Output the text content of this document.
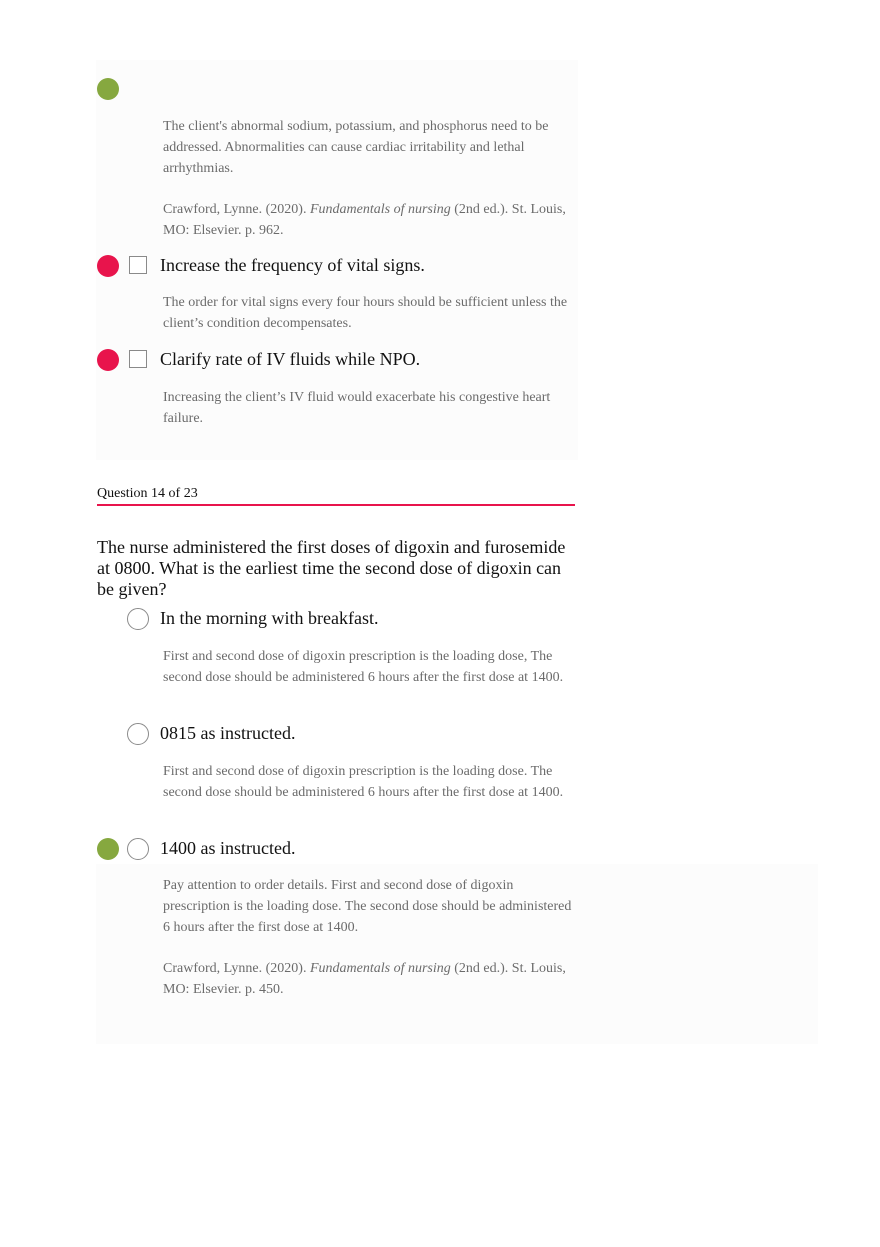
The client's abnormal sodium, potassium, and phosphorus need to be addressed. Abnormalities can cause cardiac irritability and lethal arrhythmias.

Crawford, Lynne. (2020). Fundamentals of nursing (2nd ed.). St. Louis, MO: Elsevier. p. 962.

Increase the frequency of vital signs.

The order for vital signs every four hours should be sufficient unless the client’s condition decompensates.

Clarify rate of IV fluids while NPO.

Increasing the client’s IV fluid would exacerbate his congestive heart failure.

Question 14 of 23

The nurse administered the first doses of digoxin and furosemide at 0800. What is the earliest time the second dose of digoxin can be given?

In the morning with breakfast.

First and second dose of digoxin prescription is the loading dose, The second dose should be administered 6 hours after the first dose at 1400.

0815 as instructed.

First and second dose of digoxin prescription is the loading dose. The second dose should be administered 6 hours after the first dose at 1400.

1400 as instructed.

Pay attention to order details. First and second dose of digoxin prescription is the loading dose. The second dose should be administered 6 hours after the first dose at 1400.

Crawford, Lynne. (2020). Fundamentals of nursing (2nd ed.). St. Louis, MO: Elsevier. p. 450.
